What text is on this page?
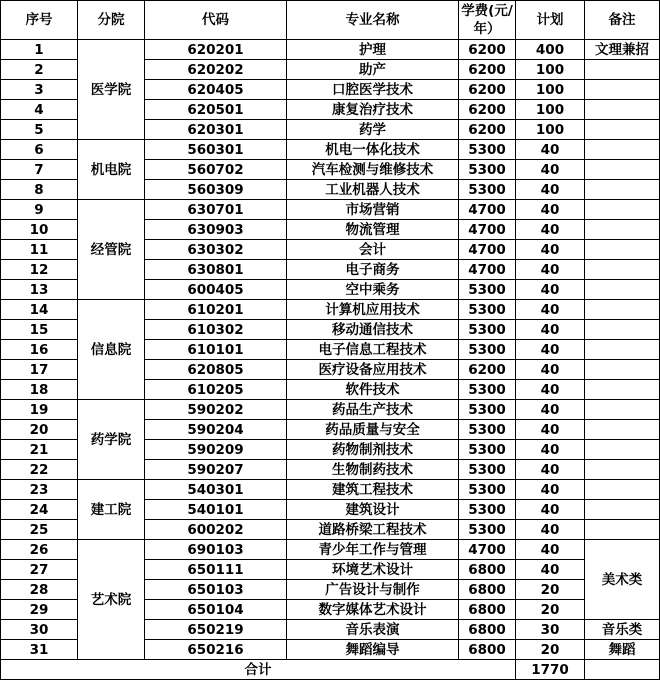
序号	分院	代码	专业名称	学费(元/年）	计划	备注
1	医学院	620201	护理	6200	400	文理兼招
2		620202	助产	6200	100	
3		620405	口腔医学技术	6200	100	
4		620501	康复治疗技术	6200	100	
5		620301	药学	6200	100	
6	机电院	560301	机电一体化技术	5300	40	
7		560702	汽车检测与维修技术	5300	40	
8		560309	工业机器人技术	5300	40	
9	经管院	630701	市场营销	4700	40	
10		630903	物流管理	4700	40	
11		630302	会计	4700	40	
12		630801	电子商务	4700	40	
13		600405	空中乘务	5300	40	
14	信息院	610201	计算机应用技术	5300	40	
15		610302	移动通信技术	5300	40	
16		610101	电子信息工程技术	5300	40	
17		620805	医疗设备应用技术	6200	40	
18		610205	软件技术	5300	40	
19	药学院	590202	药品生产技术	5300	40	
20		590204	药品质量与安全	5300	40	
21		590209	药物制剂技术	5300	40	
22		590207	生物制药技术	5300	40	
23	建工院	540301	建筑工程技术	5300	40	
24		540101	建筑设计	5300	40	
25		600202	道路桥梁工程技术	5300	40	
26	艺术院	690103	青少年工作与管理	4700	40	美术类
27		650111	环境艺术设计	6800	40	
28		650103	广告设计与制作	6800	20	
29		650104	数字媒体艺术设计	6800	20	
30		650219	音乐表演	6800	30	音乐类
31		650216	舞蹈编导	6800	20	舞蹈
合计					1770	
